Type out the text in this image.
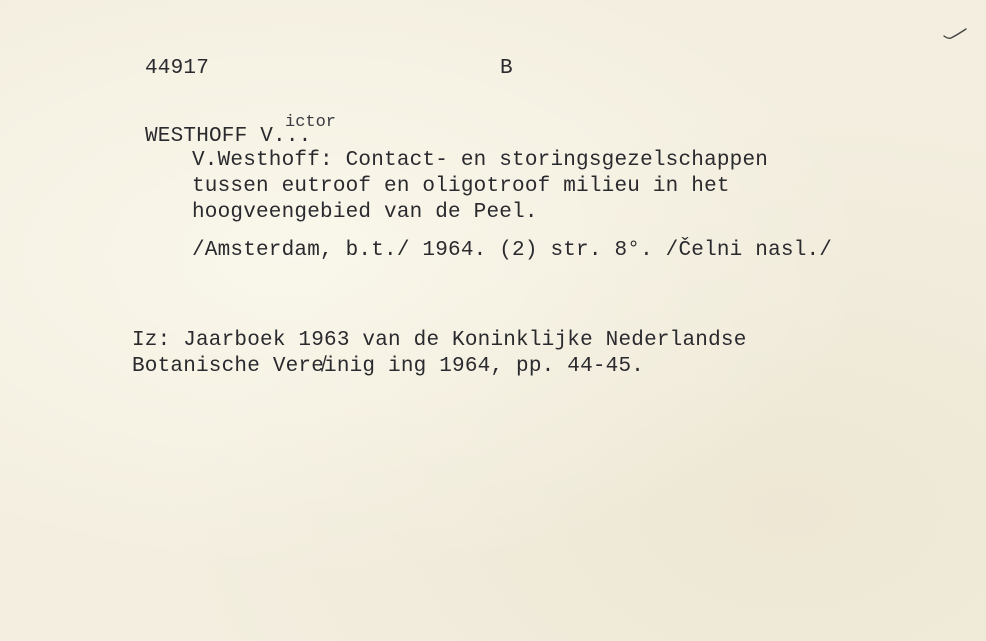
44917	B
ictor
WESTHOFF V...
V.Westhoff: Contact- en storingsgezelschappen
tussen eutroof en oligotroof milieu in het
hoogveengebied van de Peel.
/Amsterdam, b.t./ 1964. (2) str. 8°. /Čelni nasl./
Iz: Jaarboek 1963 van de Koninklijke Nederlandse
Botanische Vere̸inig ing 1964, pp. 44-45.
